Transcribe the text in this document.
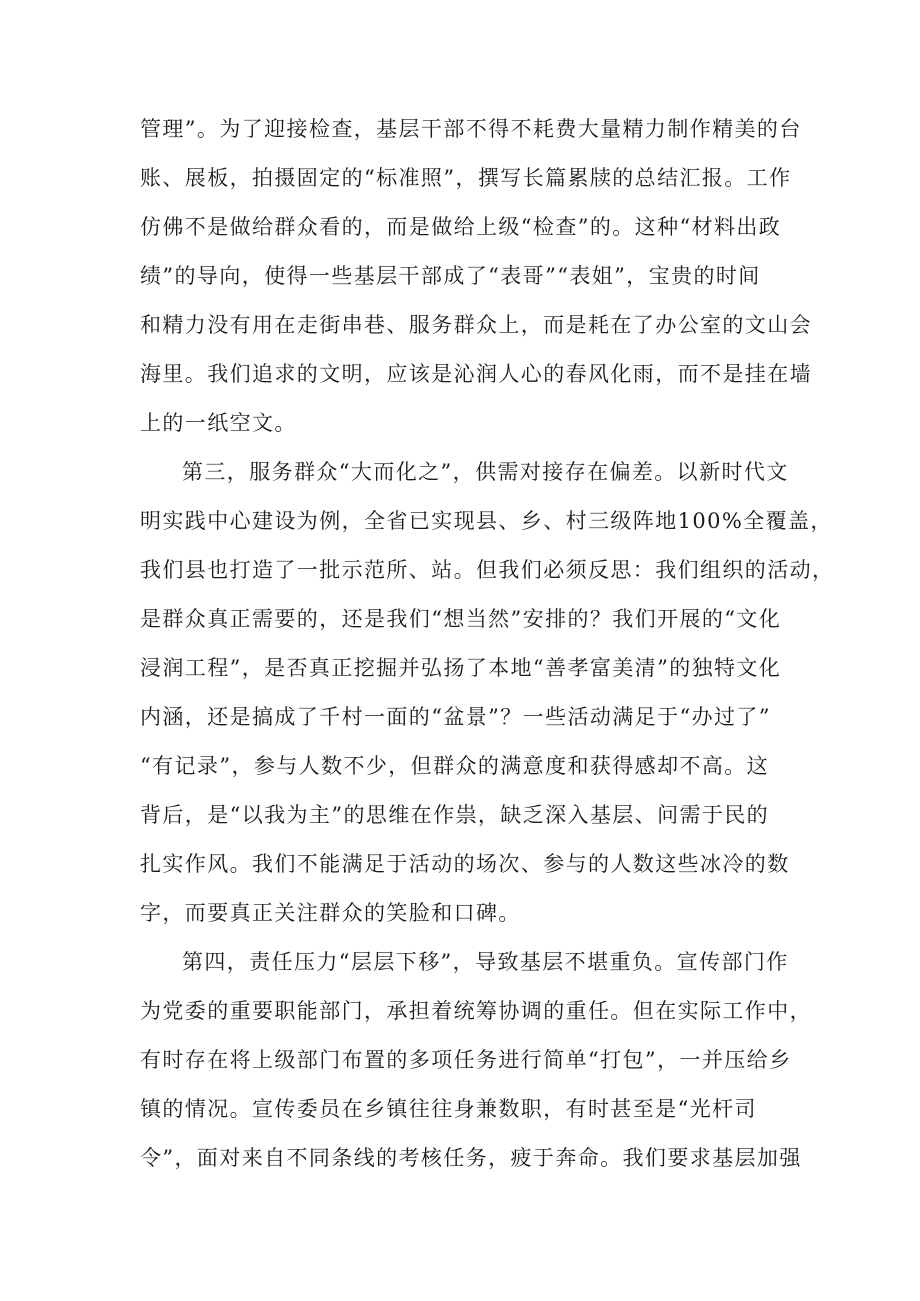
管理”。为了迎接检查，基层干部不得不耗费大量精力制作精美的台
账、展板，拍摄固定的“标准照”，撰写长篇累牍的总结汇报。工作
仿佛不是做给群众看的，而是做给上级“检查”的。这种“材料出政
绩”的导向，使得一些基层干部成了“表哥”“表姐”，宝贵的时间
和精力没有用在走街串巷、服务群众上，而是耗在了办公室的文山会
海里。我们追求的文明，应该是沁润人心的春风化雨，而不是挂在墙
上的一纸空文。
第三，服务群众“大而化之”，供需对接存在偏差。以新时代文
明实践中心建设为例，全省已实现县、乡、村三级阵地100%全覆盖，
我们县也打造了一批示范所、站。但我们必须反思：我们组织的活动，
是群众真正需要的，还是我们“想当然”安排的？我们开展的“文化
浸润工程”，是否真正挖掘并弘扬了本地“善孝富美清”的独特文化
内涵，还是搞成了千村一面的“盆景”？一些活动满足于“办过了”
“有记录”，参与人数不少，但群众的满意度和获得感却不高。这
背后，是“以我为主”的思维在作祟，缺乏深入基层、问需于民的
扎实作风。我们不能满足于活动的场次、参与的人数这些冰冷的数
字，而要真正关注群众的笑脸和口碑。
第四，责任压力“层层下移”，导致基层不堪重负。宣传部门作
为党委的重要职能部门，承担着统筹协调的重任。但在实际工作中，
有时存在将上级部门布置的多项任务进行简单“打包”，一并压给乡
镇的情况。宣传委员在乡镇往往身兼数职，有时甚至是“光杆司
令”，面对来自不同条线的考核任务，疲于奔命。我们要求基层加强
